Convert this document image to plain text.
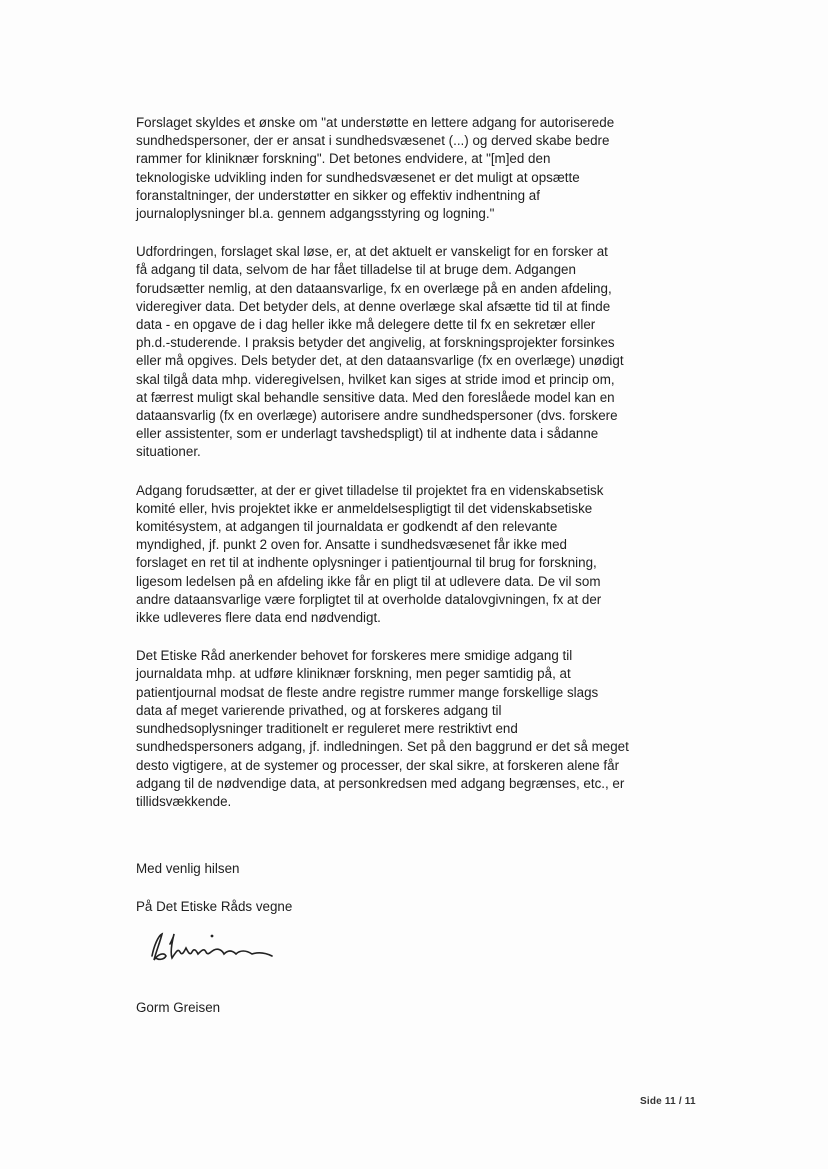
Forslaget skyldes et ønske om "at understøtte en lettere adgang for autoriserede
sundhedspersoner, der er ansat i sundhedsvæsenet (...) og derved skabe bedre
rammer for kliniknær forskning". Det betones endvidere, at "[m]ed den
teknologiske udvikling inden for sundhedsvæsenet er det muligt at opsætte
foranstaltninger, der understøtter en sikker og effektiv indhentning af
journaloplysninger bl.a. gennem adgangsstyring og logning."

Udfordringen, forslaget skal løse, er, at det aktuelt er vanskeligt for en forsker at
få adgang til data, selvom de har fået tilladelse til at bruge dem. Adgangen
forudsætter nemlig, at den dataansvarlige, fx en overlæge på en anden afdeling,
videregiver data. Det betyder dels, at denne overlæge skal afsætte tid til at finde
data - en opgave de i dag heller ikke må delegere dette til fx en sekretær eller
ph.d.-studerende. I praksis betyder det angivelig, at forskningsprojekter forsinkes
eller må opgives. Dels betyder det, at den dataansvarlige (fx en overlæge) unødigt
skal tilgå data mhp. videregivelsen, hvilket kan siges at stride imod et princip om,
at færrest muligt skal behandle sensitive data. Med den foreslåede model kan en
dataansvarlig (fx en overlæge) autorisere andre sundhedspersoner (dvs. forskere
eller assistenter, som er underlagt tavshedspligt) til at indhente data i sådanne
situationer.

Adgang forudsætter, at der er givet tilladelse til projektet fra en videnskabsetisk
komité eller, hvis projektet ikke er anmeldelsespligtigt til det videnskabsetiske
komitésystem, at adgangen til journaldata er godkendt af den relevante
myndighed, jf. punkt 2 oven for. Ansatte i sundhedsvæsenet får ikke med
forslaget en ret til at indhente oplysninger i patientjournal til brug for forskning,
ligesom ledelsen på en afdeling ikke får en pligt til at udlevere data. De vil som
andre dataansvarlige være forpligtet til at overholde datalovgivningen, fx at der
ikke udleveres flere data end nødvendigt.

Det Etiske Råd anerkender behovet for forskeres mere smidige adgang til
journaldata mhp. at udføre kliniknær forskning, men peger samtidig på, at
patientjournal modsat de fleste andre registre rummer mange forskellige slags
data af meget varierende privathed, og at forskeres adgang til
sundhedsoplysninger traditionelt er reguleret mere restriktivt end
sundhedspersoners adgang, jf. indledningen. Set på den baggrund er det så meget
desto vigtigere, at de systemer og processer, der skal sikre, at forskeren alene får
adgang til de nødvendige data, at personkredsen med adgang begrænses, etc., er
tillidsvækkende.

Med venlig hilsen

På Det Etiske Råds vegne

Gorm Greisen

Side 11 / 11
